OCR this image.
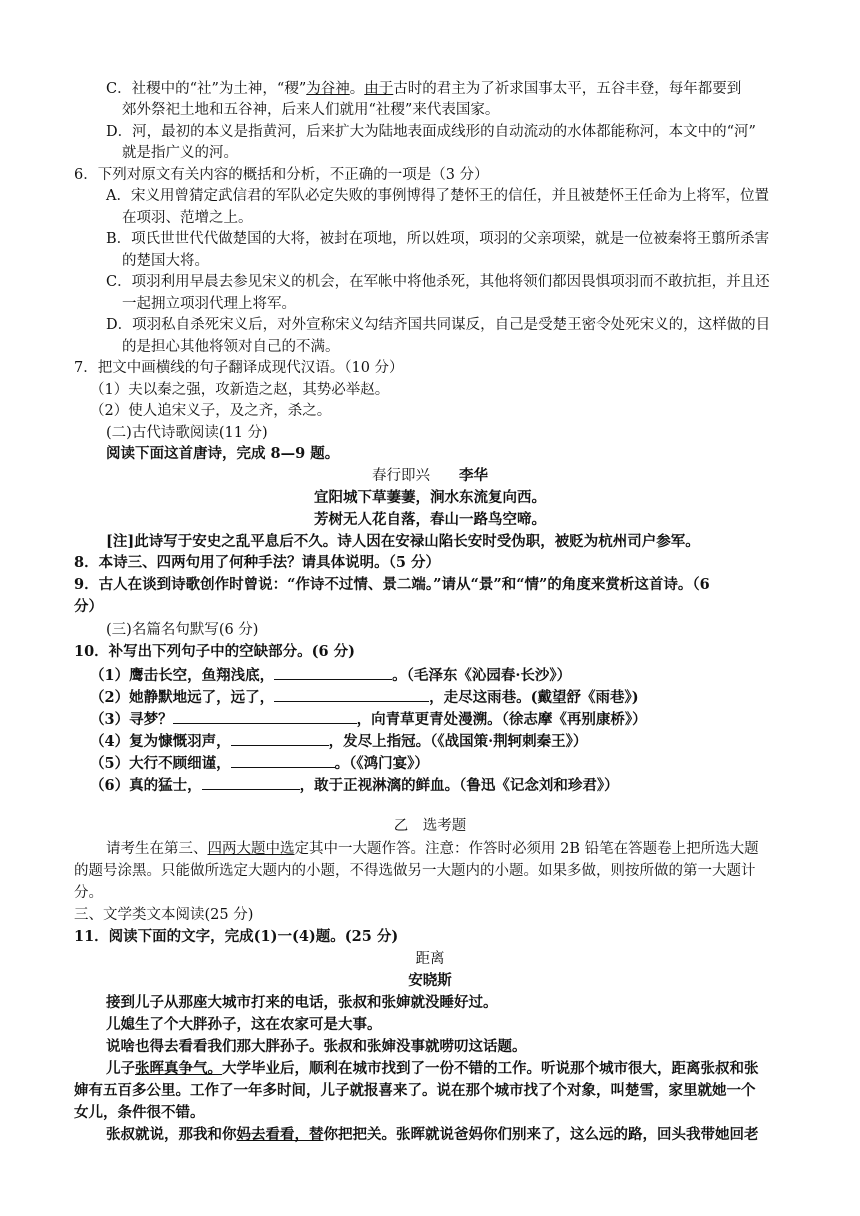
C．社稷中的“社”为土神，“稷”为谷神。由于古时的君主为了祈求国事太平，五谷丰登，每年都要到
郊外祭祀土地和五谷神，后来人们就用“社稷”来代表国家。
D．河，最初的本义是指黄河，后来扩大为陆地表面成线形的自动流动的水体都能称河，本文中的“河”
就是指广义的河。
6．下列对原文有关内容的概括和分析，不正确的一项是（3 分）
A．宋义用曾猜定武信君的军队必定失败的事例博得了楚怀王的信任，并且被楚怀王任命为上将军，位置
在项羽、范增之上。
B．项氏世世代代做楚国的大将，被封在项地，所以姓项，项羽的父亲项梁，就是一位被秦将王翦所杀害
的楚国大将。
C．项羽利用早晨去参见宋义的机会，在军帐中将他杀死，其他将领们都因畏惧项羽而不敢抗拒，并且还
一起拥立项羽代理上将军。
D．项羽私自杀死宋义后，对外宣称宋义勾结齐国共同谋反，自己是受楚王密令处死宋义的，这样做的目
的是担心其他将领对自己的不满。
7．把文中画横线的句子翻译成现代汉语。（10 分）
（1）夫以秦之强，攻新造之赵，其势必举赵。
（2）使人追宋义子，及之齐，杀之。
(二)古代诗歌阅读(11 分)
阅读下面这首唐诗，完成 8—9 题。
春行即兴　　 李华
宜阳城下草萋萋，涧水东流复向西。
芳树无人花自落，春山一路鸟空啼。
[注]此诗写于安史之乱平息后不久。诗人因在安禄山陷长安时受伪职，被贬为杭州司户参军。
8．本诗三、四两句用了何种手法？请具体说明。（5 分）
9．古人在谈到诗歌创作时曾说：“作诗不过情、景二端。”请从“景”和“情”的角度来赏析这首诗。（6
分）
(三)名篇名句默写(6 分)
10．补写出下列句子中的空缺部分。(6 分)
（1）鹰击长空，鱼翔浅底，	。（毛泽东《沁园春·长沙》）
（2）她静默地远了，远了，	，走尽这雨巷。(戴望舒《雨巷》)
（3）寻梦？	，向青草更青处漫溯。（徐志摩《再别康桥》）
（4）复为慷慨羽声，	，发尽上指冠。（《战国策·荆轲刺秦王》）
（5）大行不顾细谨，	。（《鸿门宴》）
（6）真的猛士，	，敢于正视淋漓的鲜血。（鲁迅《记念刘和珍君》）
乙　选考题
请考生在第三、四两大题中选定其中一大题作答。注意：作答时必须用 2B 铅笔在答题卷上把所选大题
的题号涂黑。只能做所选定大题内的小题，不得选做另一大题内的小题。如果多做，则按所做的第一大题计
分。
三、文学类文本阅读(25 分)
11．阅读下面的文字，完成(1)一(4)题。(25 分)
距离
安晓斯
接到儿子从那座大城市打来的电话，张叔和张婶就没睡好过。
儿媳生了个大胖孙子，这在农家可是大事。
说啥也得去看看我们那大胖孙子。张叔和张婶没事就唠叨这话题。
儿子张晖真争气。大学毕业后，顺利在城市找到了一份不错的工作。听说那个城市很大，距离张叔和张
婶有五百多公里。工作了一年多时间，儿子就报喜来了。说在那个城市找了个对象，叫楚雪，家里就她一个
女儿，条件很不错。
张叔就说，那我和你妈去看看，替你把把关。张晖就说爸妈你们别来了，这么远的路，回头我带她回老
